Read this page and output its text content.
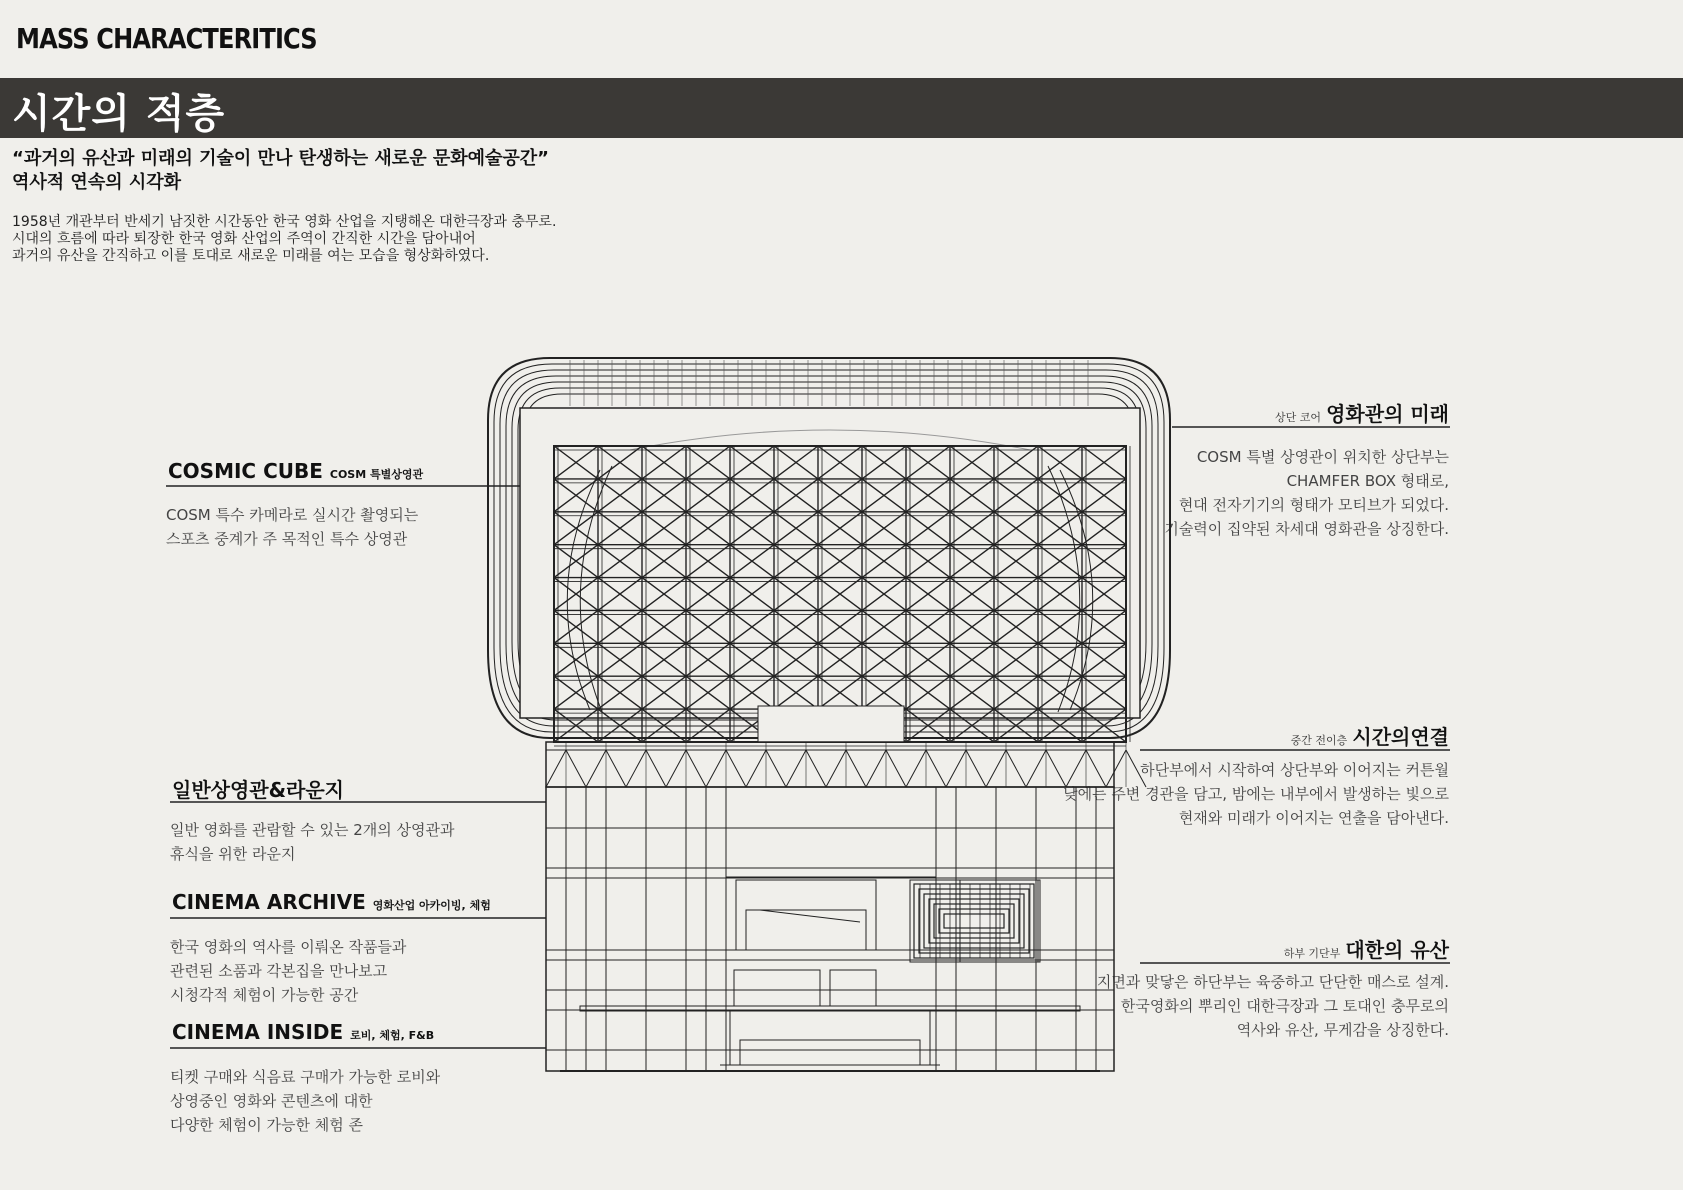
MASS CHARACTERITICS
시간의 적층
“과거의 유산과 미래의 기술이 만나 탄생하는 새로운 문화예술공간”
역사적 연속의 시각화
1958년 개관부터 반세기 남짓한 시간동안 한국 영화 산업을 지탱해온 대한극장과 충무로.
시대의 흐름에 따라 퇴장한 한국 영화 산업의 주역이 간직한 시간을 담아내어
과거의 유산을 간직하고 이를 토대로 새로운 미래를 여는 모습을 형상화하였다.
COSMIC CUBE COSM 특별상영관
COSM 특수 카메라로 실시간 촬영되는
스포츠 중계가 주 목적인 특수 상영관
일반상영관&라운지
일반 영화를 관람할 수 있는 2개의 상영관과
휴식을 위한 라운지
CINEMA ARCHIVE 영화산업 아카이빙, 체험
한국 영화의 역사를 이뤄온 작품들과
관련된 소품과 각본집을 만나보고
시청각적 체험이 가능한 공간
CINEMA INSIDE 로비, 체험, F&B
티켓 구매와 식음료 구매가 가능한 로비와
상영중인 영화와 콘텐츠에 대한
다양한 체험이 가능한 체험 존
상단 코어 영화관의 미래
COSM 특별 상영관이 위치한 상단부는
CHAMFER BOX 형태로,
현대 전자기기의 형태가 모티브가 되었다.
기술력이 집약된 차세대 영화관을 상징한다.
중간 전이층 시간의연결
하단부에서 시작하여 상단부와 이어지는 커튼월
낮에는 주변 경관을 담고, 밤에는 내부에서 발생하는 빛으로
현재와 미래가 이어지는 연출을 담아낸다.
하부 기단부 대한의 유산
지면과 맞닿은 하단부는 육중하고 단단한 매스로 설계.
한국영화의 뿌리인 대한극장과 그 토대인 충무로의
역사와 유산, 무게감을 상징한다.
